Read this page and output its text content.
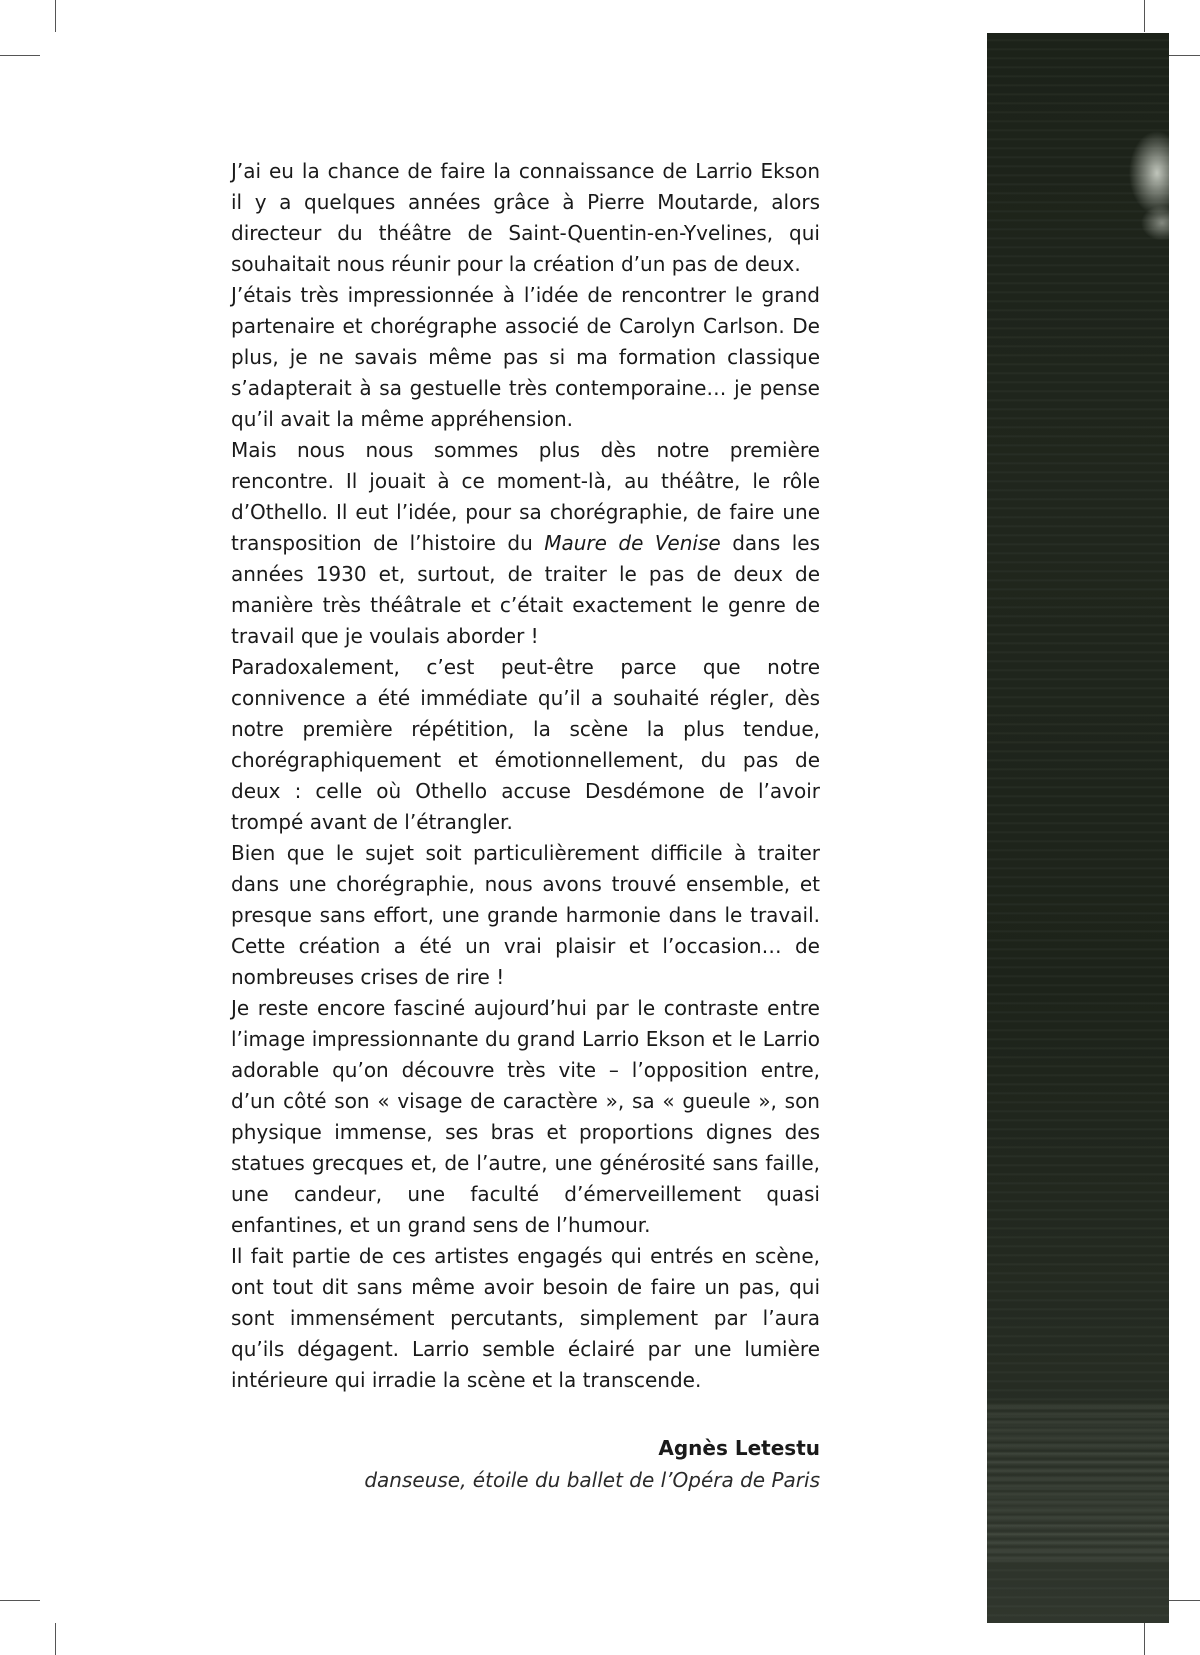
J’ai eu la chance de faire la connaissance de Larrio Ekson il y a quelques années grâce à Pierre Moutarde, alors directeur du théâtre de Saint-Quentin-en-Yvelines, qui souhaitait nous réunir pour la création d’un pas de deux.

J’étais très impressionnée à l’idée de rencontrer le grand partenaire et chorégraphe associé de Carolyn Carlson. De plus, je ne savais même pas si ma formation classique s’adapterait à sa gestuelle très contemporaine… je pense qu’il avait la même appréhension.

Mais nous nous sommes plus dès notre première rencontre. Il jouait à ce moment-là, au théâtre, le rôle d’Othello. Il eut l’idée, pour sa chorégraphie, de faire une transposition de l’histoire du Maure de Venise dans les années 1930 et, surtout, de traiter le pas de deux de manière très théâtrale et c’était exactement le genre de travail que je voulais aborder !

Paradoxalement, c’est peut-être parce que notre connivence a été immédiate qu’il a souhaité régler, dès notre première répétition, la scène la plus tendue, chorégraphiquement et émotionnellement, du pas de deux : celle où Othello accuse Desdémone de l’avoir trompé avant de l’étrangler.

Bien que le sujet soit particulièrement difficile à traiter dans une chorégraphie, nous avons trouvé ensemble, et presque sans effort, une grande harmonie dans le travail. Cette création a été un vrai plaisir et l’occasion… de nombreuses crises de rire !

Je reste encore fasciné aujourd’hui par le contraste entre l’image impressionnante du grand Larrio Ekson et le Larrio adorable qu’on découvre très vite – l’opposition entre, d’un côté son « visage de caractère », sa « gueule », son physique immense, ses bras et proportions dignes des statues grecques et, de l’autre, une générosité sans faille, une candeur, une faculté d’émerveillement quasi enfantines, et un grand sens de l’humour.

Il fait partie de ces artistes engagés qui entrés en scène, ont tout dit sans même avoir besoin de faire un pas, qui sont immensément percutants, simplement par l’aura qu’ils dégagent. Larrio semble éclairé par une lumière intérieure qui irradie la scène et la transcende.

Agnès Letestu
danseuse, étoile du ballet de l’Opéra de Paris
